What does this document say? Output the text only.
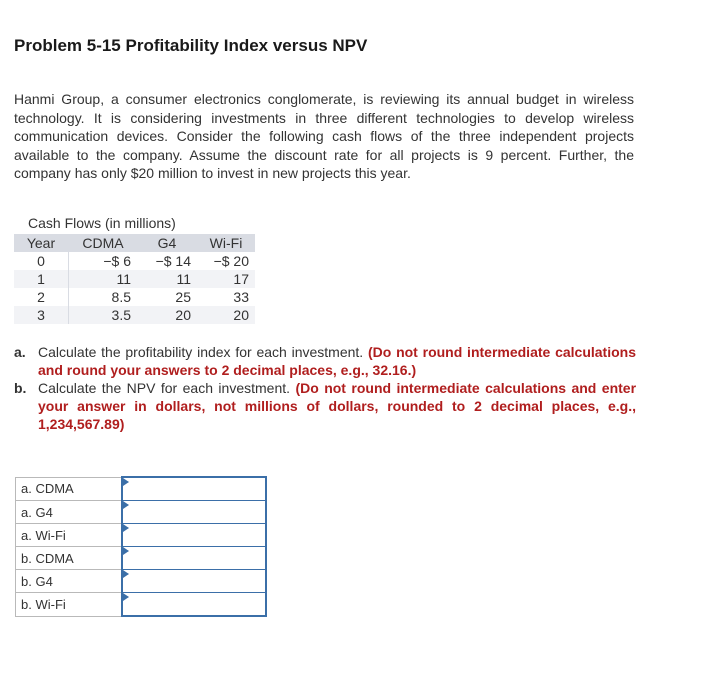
Problem 5-15 Profitability Index versus NPV
Hanmi Group, a consumer electronics conglomerate, is reviewing its annual budget in wireless technology. It is considering investments in three different technologies to develop wireless communication devices. Consider the following cash flows of the three independent projects available to the company. Assume the discount rate for all projects is 9 percent. Further, the company has only $20 million to invest in new projects this year.
Cash Flows (in millions)
Year	CDMA	G4	Wi-Fi
0	−$ 6	−$ 14	−$ 20
1	11	11	17
2	8.5	25	33
3	3.5	20	20
a. Calculate the profitability index for each investment. (Do not round intermediate calculations and round your answers to 2 decimal places, e.g., 32.16.)
b. Calculate the NPV for each investment. (Do not round intermediate calculations and enter your answer in dollars, not millions of dollars, rounded to 2 decimal places, e.g., 1,234,567.89)
a. CDMA	

a. G4	

a. Wi-Fi	

b. CDMA	

b. G4	

b. Wi-Fi	
